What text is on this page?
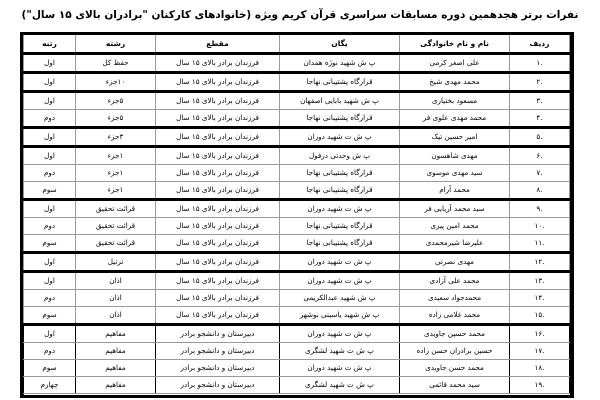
نفرات برتر هجدهمین دوره مسابقات سراسری قرآن کریم ویژه (خانوادهای کارکنان "برادران بالای ۱۵ سال")
ردیف	نام و نام خانوادگی	یگان	مقطع	رشته	رتبه
.۱	علی اصغر کرمی	پ ش شهید نوژه همدان	فرزندان برادر بالای ۱۵ سال	حفظ کل	اول
.۲	محمد مهدی شیخ	قرارگاه پشتیبانی نهاجا	فرزندان برادر بالای ۱۵ سال	۱۰جزء	اول
.۳	مسعود بختیاری	پ ش شهید بابایی اصفهان	فرزندان برادر بالای ۱۵ سال	۵جزء	اول
.۴	محمد مهدی علوی فر	قرارگاه پشتیبانی نهاجا	فرزندان برادر بالای ۱۵ سال	۵جزء	دوم
.۵	امیر حسین تیک	پ ش ت شهید دوران	فرزندان برادر بالای ۱۵ سال	۳جزء	اول
.۶	مهدی شاهسون	پ ش وحدتی دزفول	فرزندان برادر بالای ۱۵ سال	۱جزء	اول
.۷	سید مهدی موسوی	قرارگاه پشتیبانی نهاجا	فرزندان برادر بالای ۱۵ سال	۱جزء	دوم
.۸	محمد آرام	قرارگاه پشتیبانی نهاجا	فرزندان برادر بالای ۱۵ سال	۱جزء	سوم
.۹	سید محمد آریایی فر	پ ش ت شهید دوران	فرزندان برادر بالای ۱۵ سال	قرائت تحقیق	اول
.۱۰	محمد امین پیری	قرارگاه پشتیبانی نهاجا	فرزندان برادر بالای ۱۵ سال	قرائت تحقیق	دوم
.۱۱	علیرضا شیرمحمدی	قرارگاه پشتیبانی نهاجا	فرزندان برادر بالای ۱۵ سال	قرائت تحقیق	سوم
.۱۲	مهدی نصرتی	پ ش ت شهید دوران	فرزندان برادر بالای ۱۵ سال	ترتیل	اول
.۱۳	محمد علی آزادی	پ ش ت شهید دوران	فرزندان برادر بالای ۱۵ سال	اذان	اول
.۱۴	محمدجواد سعیدی	پ ش شهید عبدالکریمی	فرزندان برادر بالای ۱۵ سال	اذان	دوم
.۱۵	محمد غلامی زاده	پ ش شهید یاسینی بوشهر	فرزندان برادر بالای ۱۵ سال	اذان	سوم
.۱۶	محمد حسین جاویدی	پ ش ت شهید دوران	دبیرستان و دانشجو برادر	مفاهیم	اول
.۱۷	حسین برادران حسن زاده	پ ش ت شهید لشگری	دبیرستان و دانشجو برادر	مفاهیم	دوم
.۱۸	محمد حسن جاویدی	پ ش ت شهید دوران	دبیرستان و دانشجو برادر	مفاهیم	سوم
.۱۹	سید محمد قائمی	پ ش ت شهید لشگری	دبیرستان و دانشجو برادر	مفاهیم	چهارم
